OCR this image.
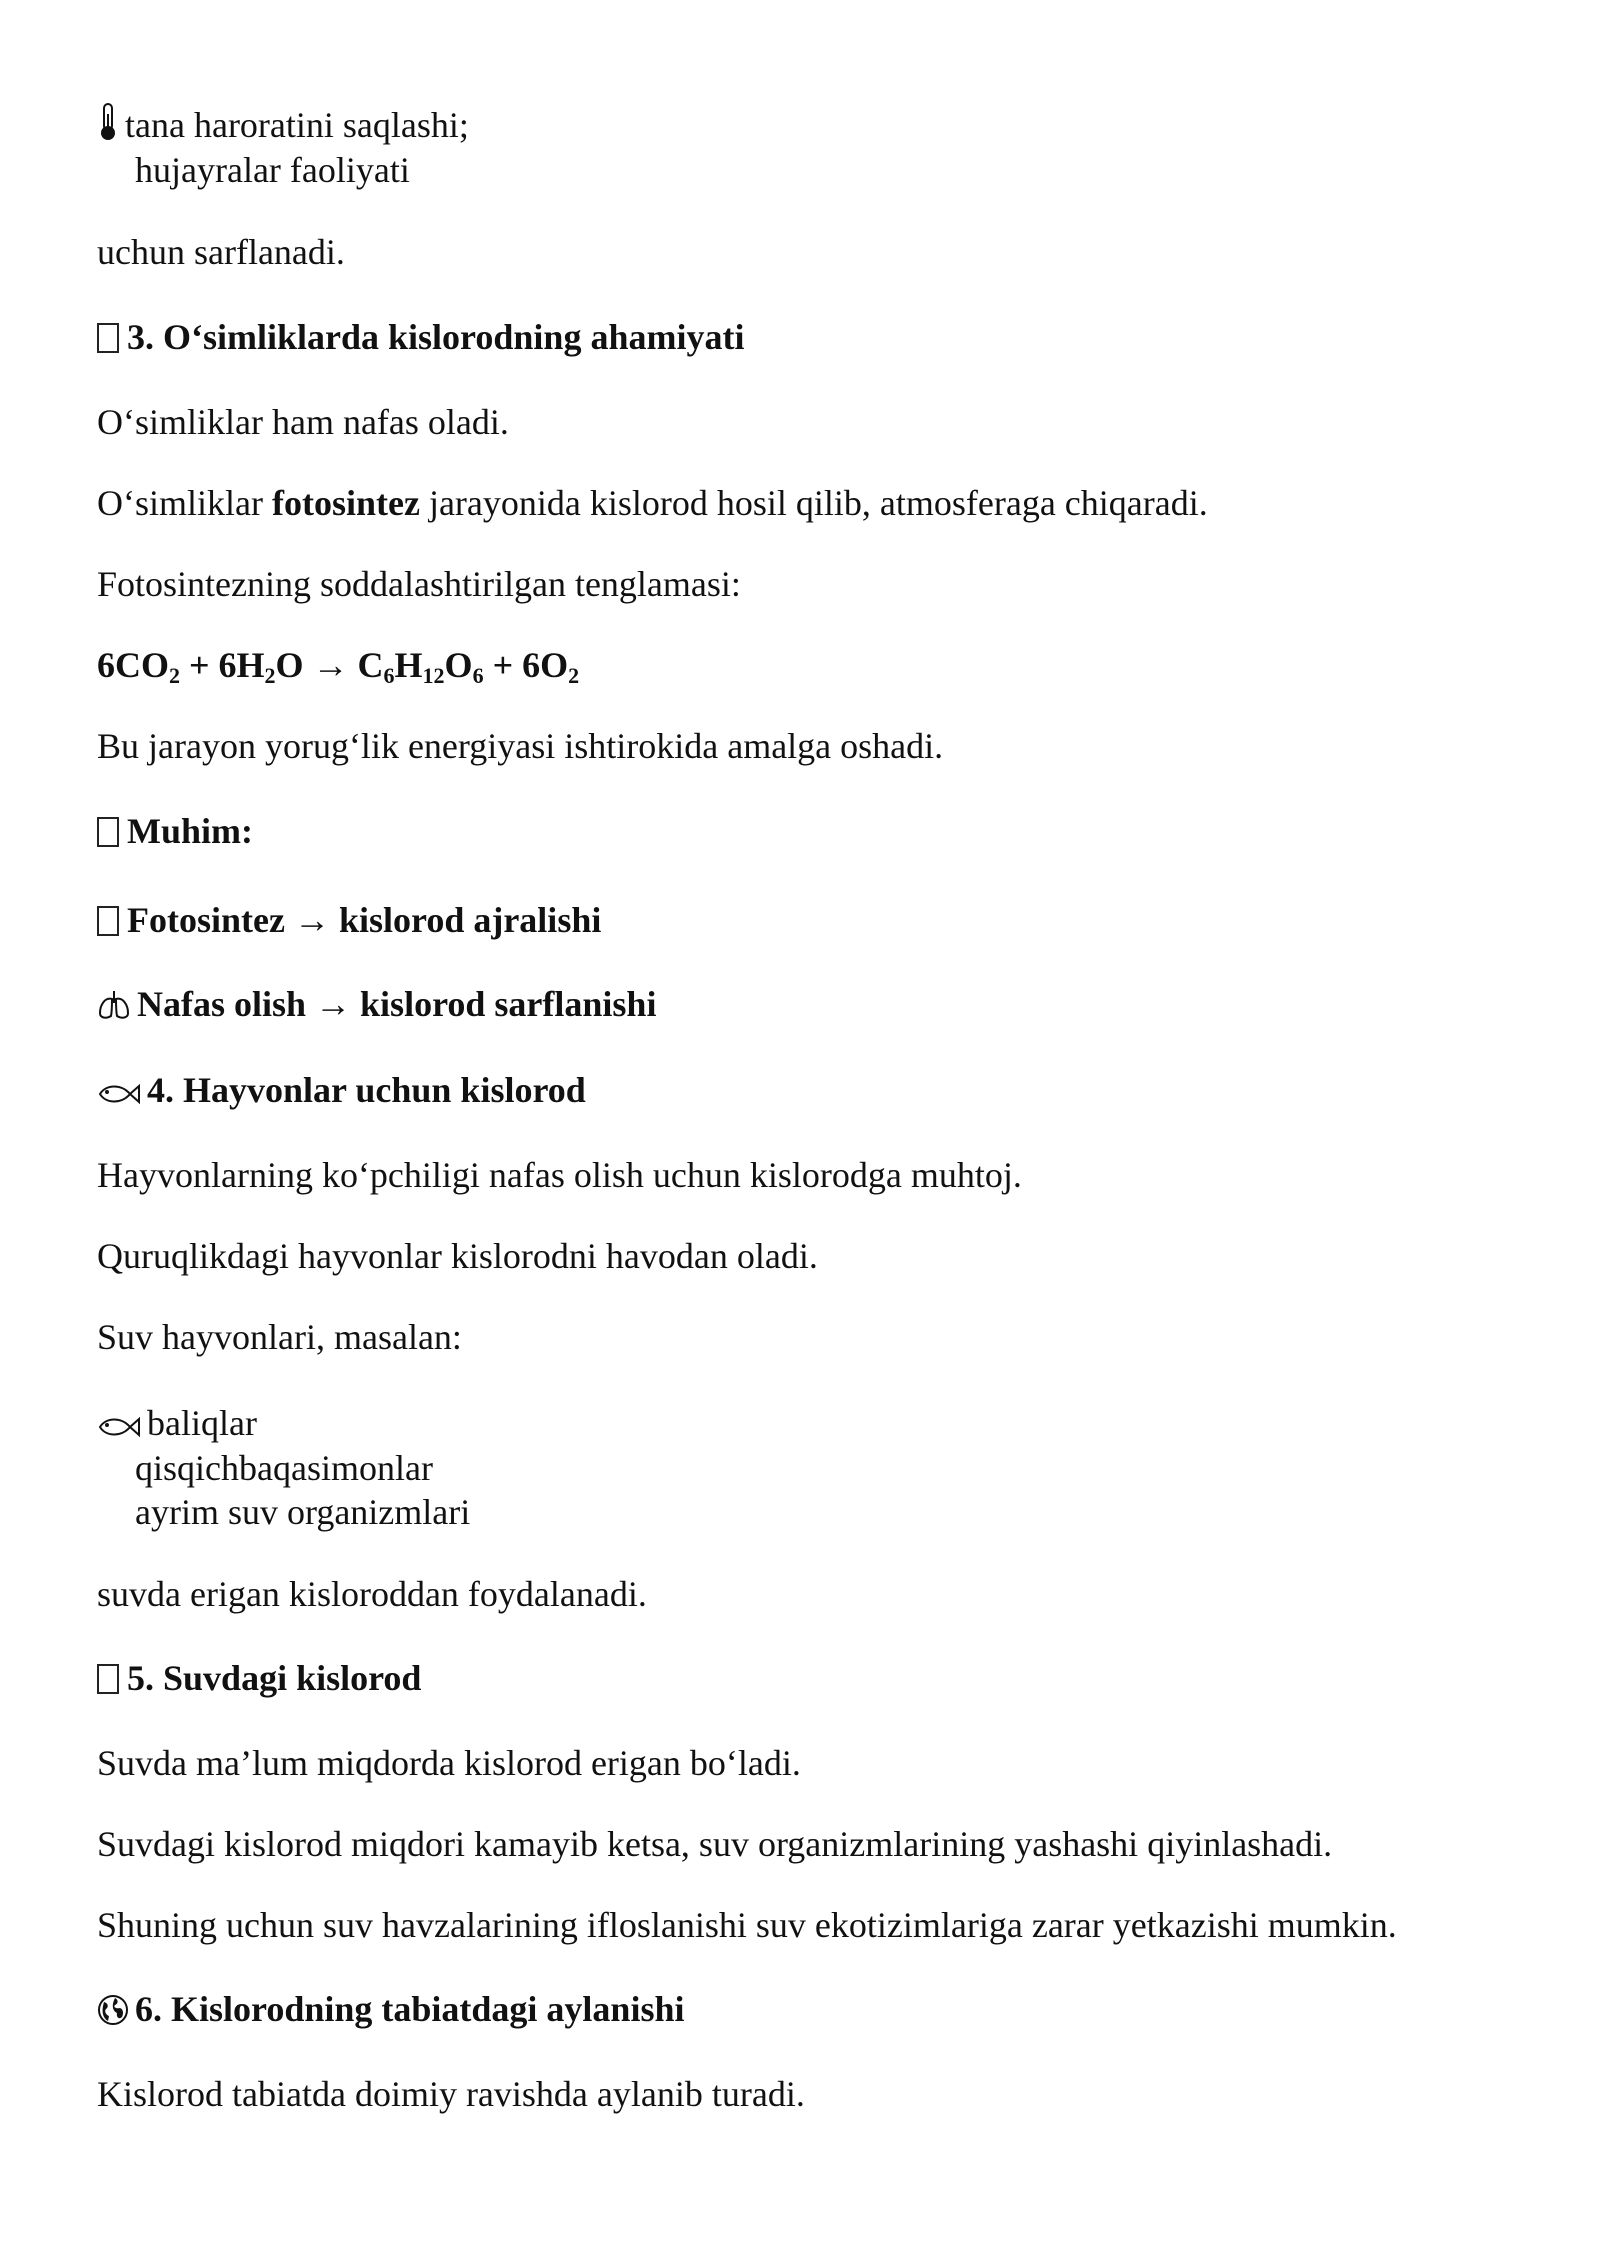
tana haroratini saqlashi;
hujayralar faoliyati
uchun sarflanadi.
3. O‘simliklarda kislorodning ahamiyati
O‘simliklar ham nafas oladi.
O‘simliklar fotosintez jarayonida kislorod hosil qilib, atmosferaga chiqaradi.
Fotosintezning soddalashtirilgan tenglamasi:
$6CO_2 + 6H_2O \to C_6H_{12}O_6 + 6O_2$
Bu jarayon yorug‘lik energiyasi ishtirokida amalga oshadi.
Muhim:
Fotosintez → kislorod ajralishi
Nafas olish → kislorod sarflanishi
4. Hayvonlar uchun kislorod
Hayvonlarning ko‘pchiligi nafas olish uchun kislorodga muhtoj.
Quruqlikdagi hayvonlar kislorodni havodan oladi.
Suv hayvonlari, masalan:
baliqlar
qisqichbaqasimonlar
ayrim suv organizmlari
suvda erigan kisloroddan foydalanadi.
5. Suvdagi kislorod
Suvda ma’lum miqdorda kislorod erigan bo‘ladi.
Suvdagi kislorod miqdori kamayib ketsa, suv organizmlarining yashashi qiyinlashadi.
Shuning uchun suv havzalarining ifloslanishi suv ekotizimlariga zarar yetkazishi mumkin.
6. Kislorodning tabiatdagi aylanishi
Kislorod tabiatda doimiy ravishda aylanib turadi.
